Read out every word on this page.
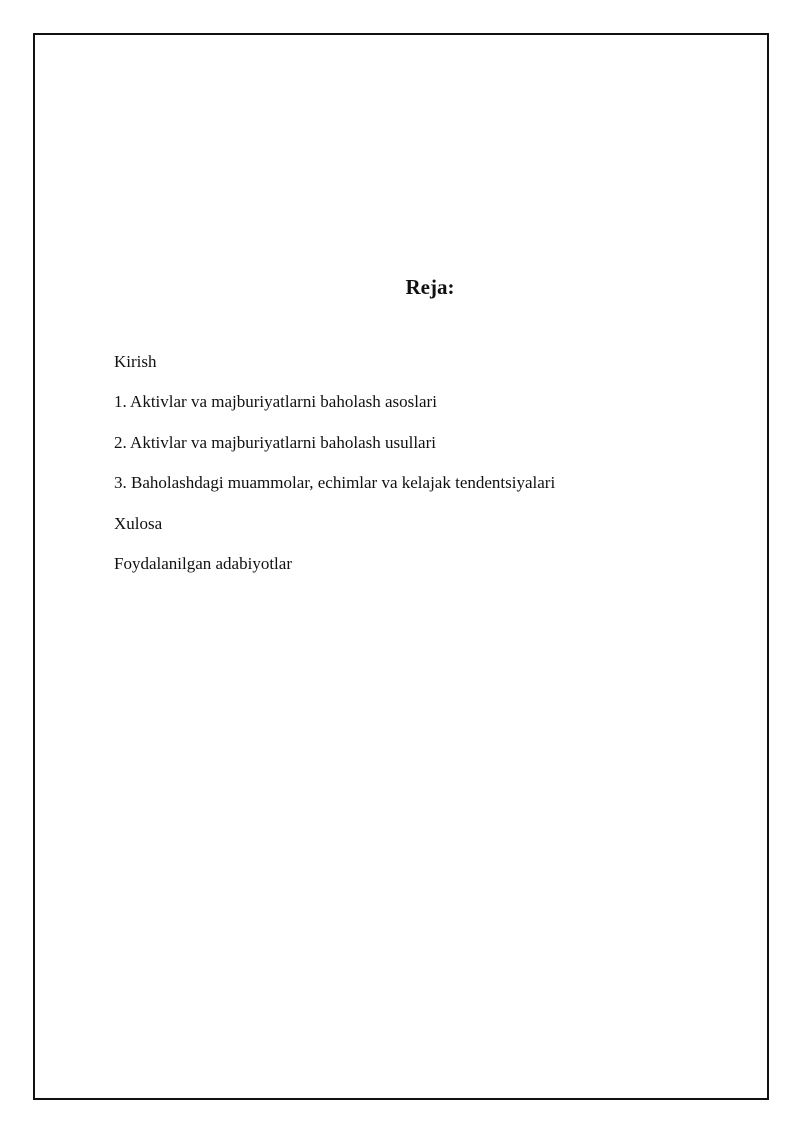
Reja:
Kirish
1. Aktivlar va majburiyatlarni baholash asoslari
2. Aktivlar va majburiyatlarni baholash usullari
3. Baholashdagi muammolar, echimlar va kelajak tendentsiyalari
Xulosa
Foydalanilgan adabiyotlar
